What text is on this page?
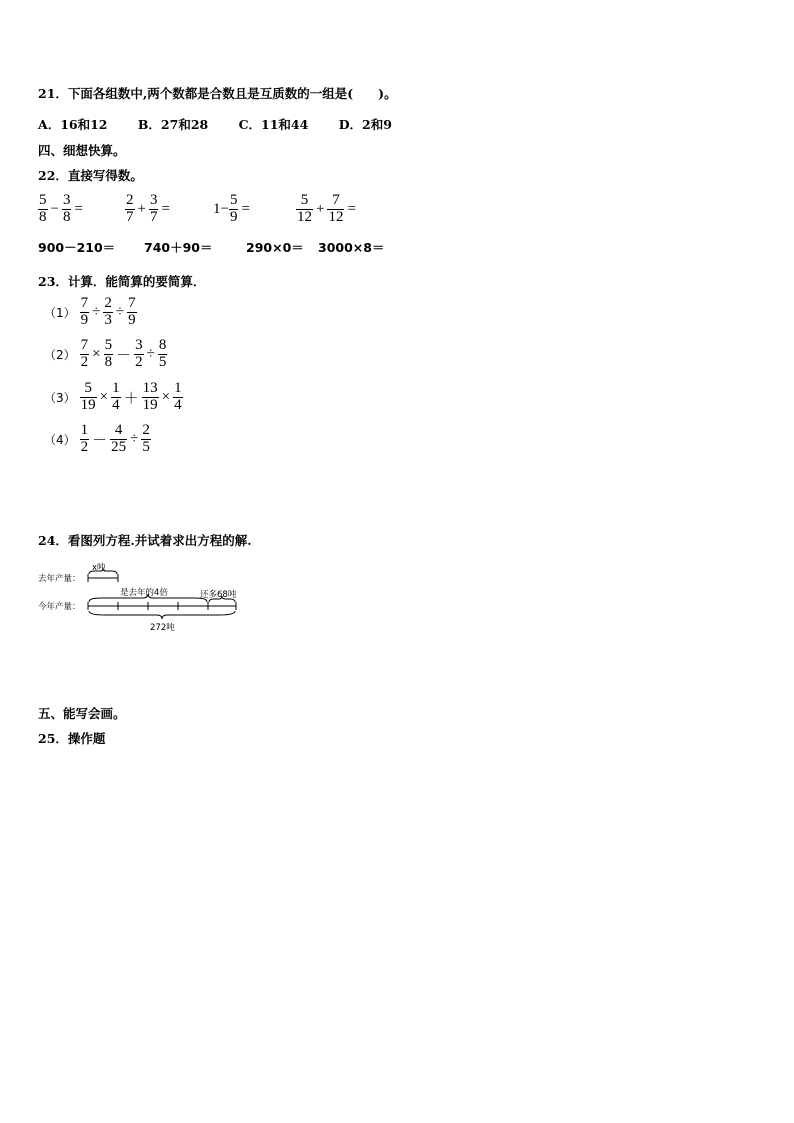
21．下面各组数中,两个数都是合数且是互质数的一组是(　　)。
A．16和12 B．27和28 C．11和44 D．2和9
四、细想快算。
22．直接写得数。
$\frac{5}{8} - \frac{3}{8}$ =	$\frac{2}{7} + \frac{3}{7}$ =	$1- \frac{5}{9}$ =	$\frac{5}{12} + \frac{7}{12}$ =
900－210＝ 740＋90＝	290×0＝ 3000×8＝
23．计算．能简算的要简算．
$(1) \frac{7}{9} \div \frac{2}{3} \div \frac{7}{9}$
$(2) \frac{7}{2} \times \frac{5}{8} - \frac{3}{2} \div \frac{8}{5}$
$(3) \frac{5}{19} \times \frac{1}{4} + \frac{13}{19} \times \frac{1}{4}$
$(4) \frac{1}{2} - \frac{4}{25} \div \frac{2}{5}$
24．看图列方程.并试着求出方程的解.
去年产量：
x吨
今年产量：
是去年的4倍	还多68吨
272吨
五、能写会画。
25．操作题
